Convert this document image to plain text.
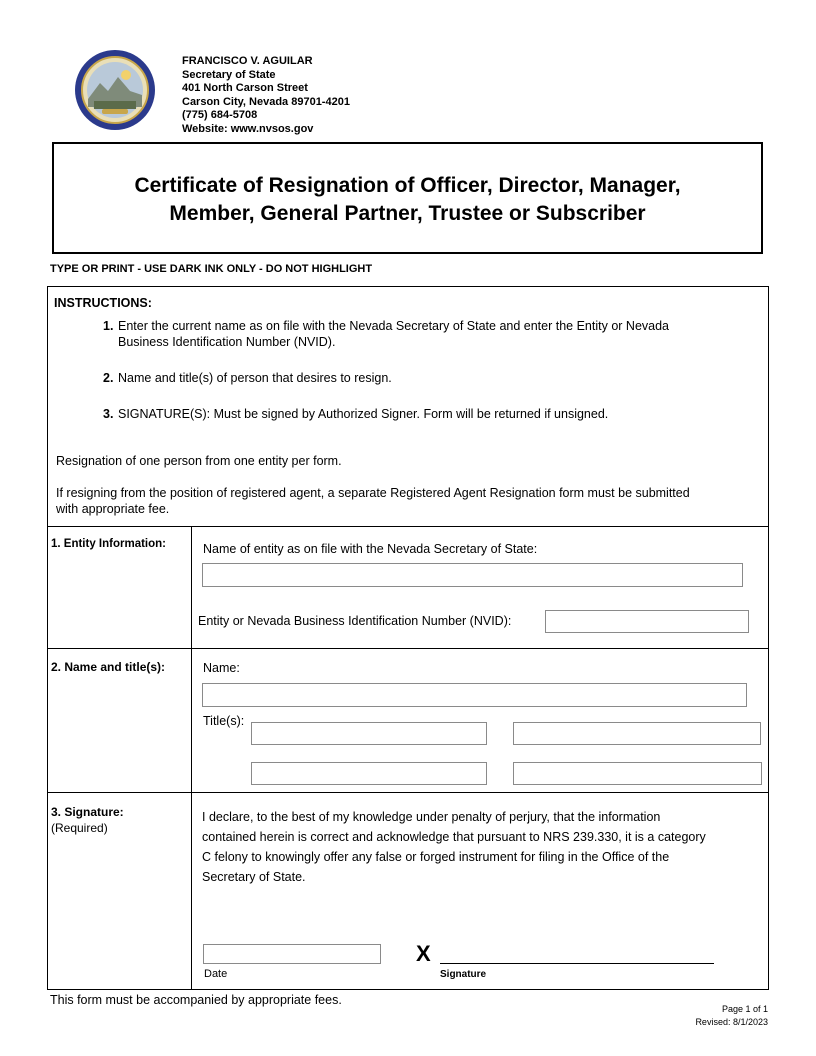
FRANCISCO V. AGUILAR
Secretary of State
401 North Carson Street
Carson City, Nevada 89701-4201
(775) 684-5708
Website: www.nvsos.gov
Certificate of Resignation of Officer, Director, Manager,
Member, General Partner, Trustee or Subscriber
TYPE OR PRINT - USE DARK INK ONLY - DO NOT HIGHLIGHT
INSTRUCTIONS:
1. Enter the current name as on file with the Nevada Secretary of State and enter the Entity or Nevada
Business Identification Number (NVID).
2. Name and title(s) of person that desires to resign.
3. SIGNATURE(S): Must be signed by Authorized Signer. Form will be returned if unsigned.
Resignation of one person from one entity per form.
If resigning from the position of registered agent, a separate Registered Agent Resignation form must be submitted
with appropriate fee.
1. Entity Information:	Name of entity as on file with the Nevada Secretary of State:
Entity or Nevada Business Identification Number (NVID):
2. Name and title(s):	Name:
Title(s):
3. Signature:
(Required)
I declare, to the best of my knowledge under penalty of perjury, that the information
contained herein is correct and acknowledge that pursuant to NRS 239.330, it is a category
C felony to knowingly offer any false or forged instrument for filing in the Office of the
Secretary of State.
Date
X
Signature
This form must be accompanied by appropriate fees.
Page 1 of 1
Revised: 8/1/2023
